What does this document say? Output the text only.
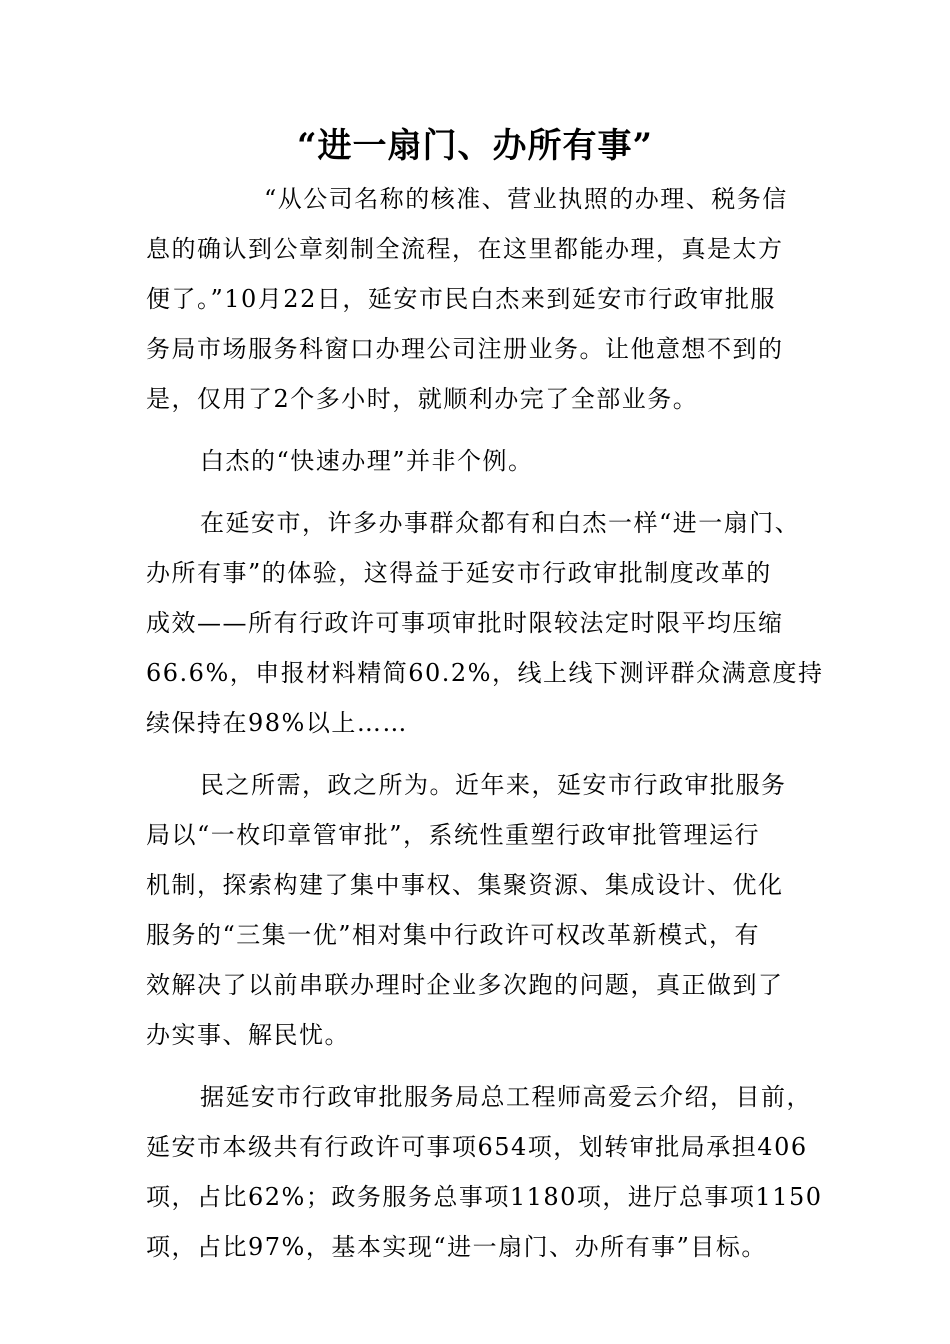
“进一扇门、办所有事”

“从公司名称的核准、营业执照的办理、税务信

息的确认到公章刻制全流程，在这里都能办理，真是太方

便了。”10月22日，延安市民白杰来到延安市行政审批服

务局市场服务科窗口办理公司注册业务。让他意想不到的

是，仅用了2个多小时，就顺利办完了全部业务。

白杰的“快速办理”并非个例。

在延安市，许多办事群众都有和白杰一样“进一扇门、

办所有事”的体验，这得益于延安市行政审批制度改革的

成效——所有行政许可事项审批时限较法定时限平均压缩

66.6%，申报材料精简60.2%，线上线下测评群众满意度持

续保持在98%以上……

民之所需，政之所为。近年来，延安市行政审批服务

局以“一枚印章管审批”，系统性重塑行政审批管理运行

机制，探索构建了集中事权、集聚资源、集成设计、优化

服务的“三集一优”相对集中行政许可权改革新模式，有

效解决了以前串联办理时企业多次跑的问题，真正做到了

办实事、解民忧。

据延安市行政审批服务局总工程师高爱云介绍，目前，

延安市本级共有行政许可事项654项，划转审批局承担406

项，占比62%；政务服务总事项1180项，进厅总事项1150

项，占比97%，基本实现“进一扇门、办所有事”目标。
